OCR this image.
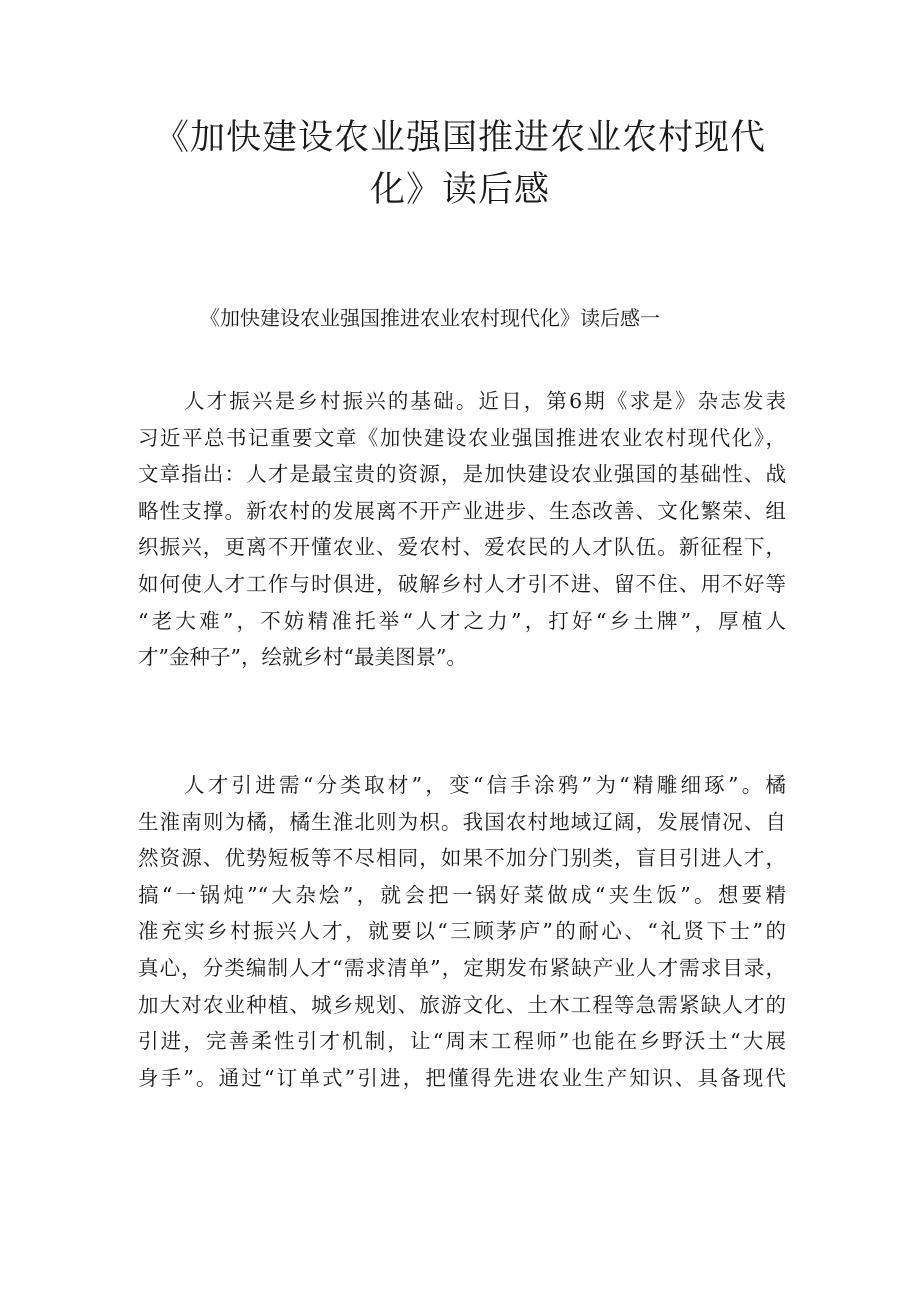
《加快建设农业强国推进农业农村现代
化》读后感

《加快建设农业强国推进农业农村现代化》读后感一

人才振兴是乡村振兴的基础。近日，第6期《求是》杂志发表
习近平总书记重要文章《加快建设农业强国推进农业农村现代化》，
文章指出：人才是最宝贵的资源，是加快建设农业强国的基础性、战
略性支撑。新农村的发展离不开产业进步、生态改善、文化繁荣、组
织振兴，更离不开懂农业、爱农村、爱农民的人才队伍。新征程下，
如何使人才工作与时俱进，破解乡村人才引不进、留不住、用不好等
“老大难”，不妨精准托举“人才之力”，打好“乡土牌”，厚植人
才”金种子”，绘就乡村“最美图景”。

人才引进需“分类取材”，变“信手涂鸦”为“精雕细琢”。橘
生淮南则为橘，橘生淮北则为枳。我国农村地域辽阔，发展情况、自
然资源、优势短板等不尽相同，如果不加分门别类，盲目引进人才，
搞“一锅炖”“大杂烩”，就会把一锅好菜做成“夹生饭”。想要精
准充实乡村振兴人才，就要以“三顾茅庐”的耐心、“礼贤下士”的
真心，分类编制人才“需求清单”，定期发布紧缺产业人才需求目录，
加大对农业种植、城乡规划、旅游文化、土木工程等急需紧缺人才的
引进，完善柔性引才机制，让“周末工程师”也能在乡野沃土“大展
身手”。通过“订单式”引进，把懂得先进农业生产知识、具备现代
